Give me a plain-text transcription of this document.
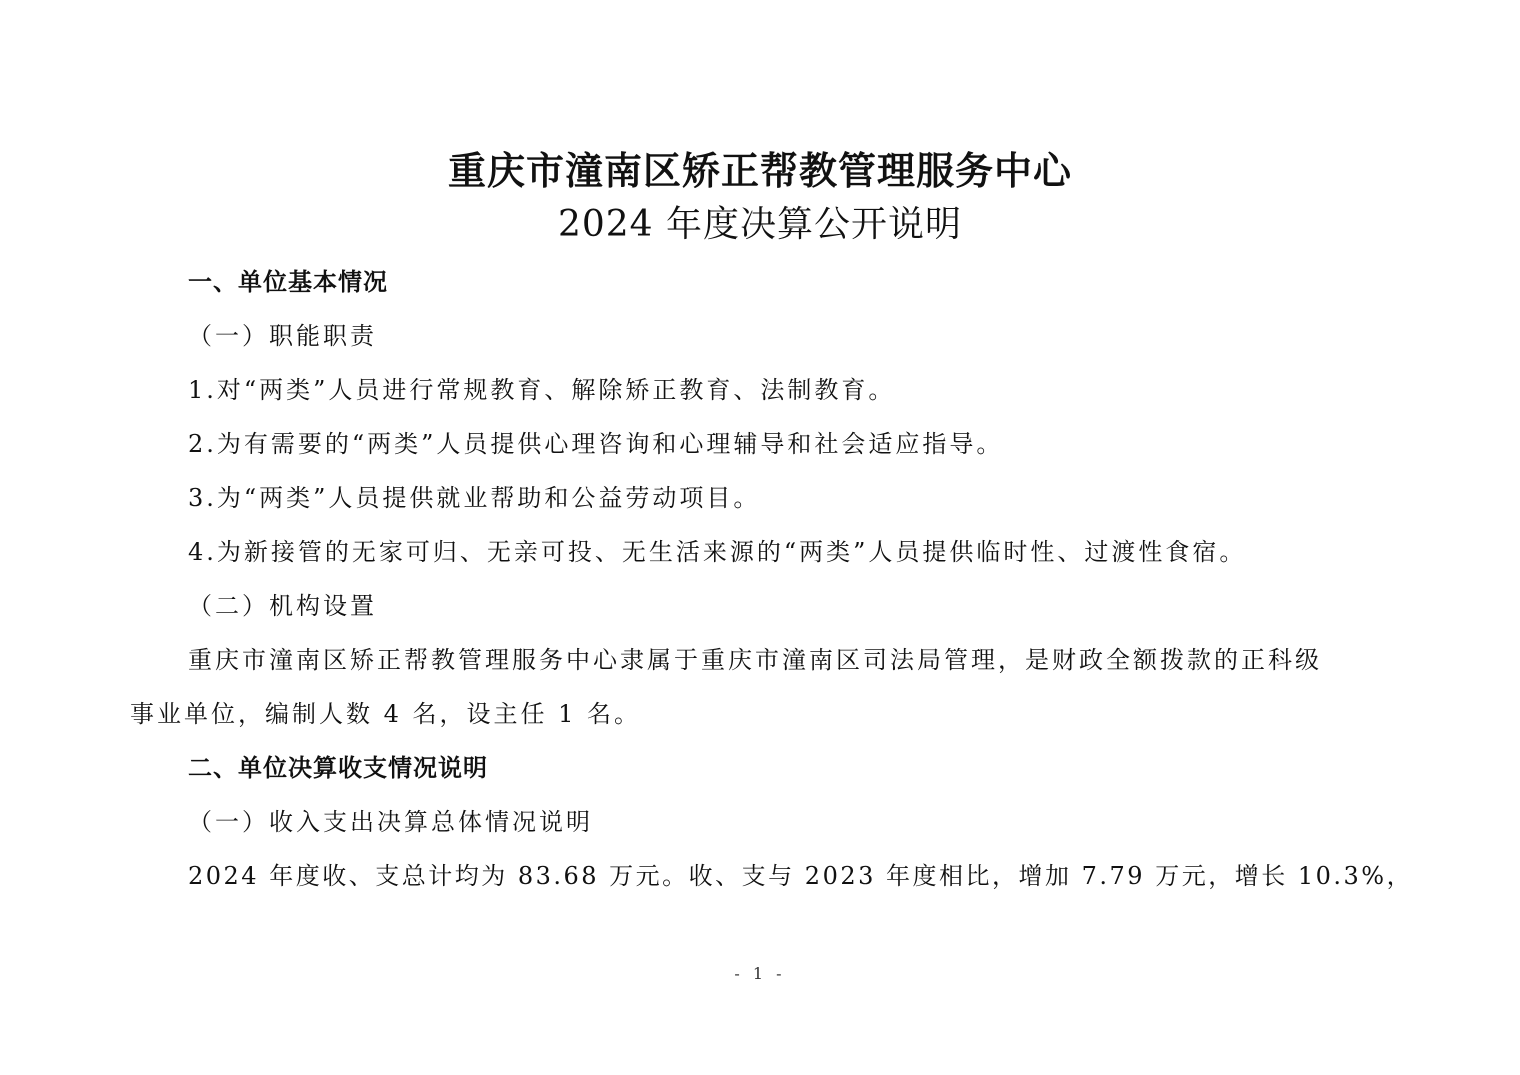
重庆市潼南区矫正帮教管理服务中心
2024 年度决算公开说明
一、单位基本情况
（一）职能职责
1.对“两类”人员进行常规教育、解除矫正教育、法制教育。
2.为有需要的“两类”人员提供心理咨询和心理辅导和社会适应指导。
3.为“两类”人员提供就业帮助和公益劳动项目。
4.为新接管的无家可归、无亲可投、无生活来源的“两类”人员提供临时性、过渡性食宿。
（二）机构设置
重庆市潼南区矫正帮教管理服务中心隶属于重庆市潼南区司法局管理，是财政全额拨款的正科级
事业单位，编制人数 4 名，设主任 1 名。
二、单位决算收支情况说明
（一）收入支出决算总体情况说明
2024 年度收、支总计均为 83.68 万元。收、支与 2023 年度相比，增加 7.79 万元，增长 10.3%，
- 1 -
